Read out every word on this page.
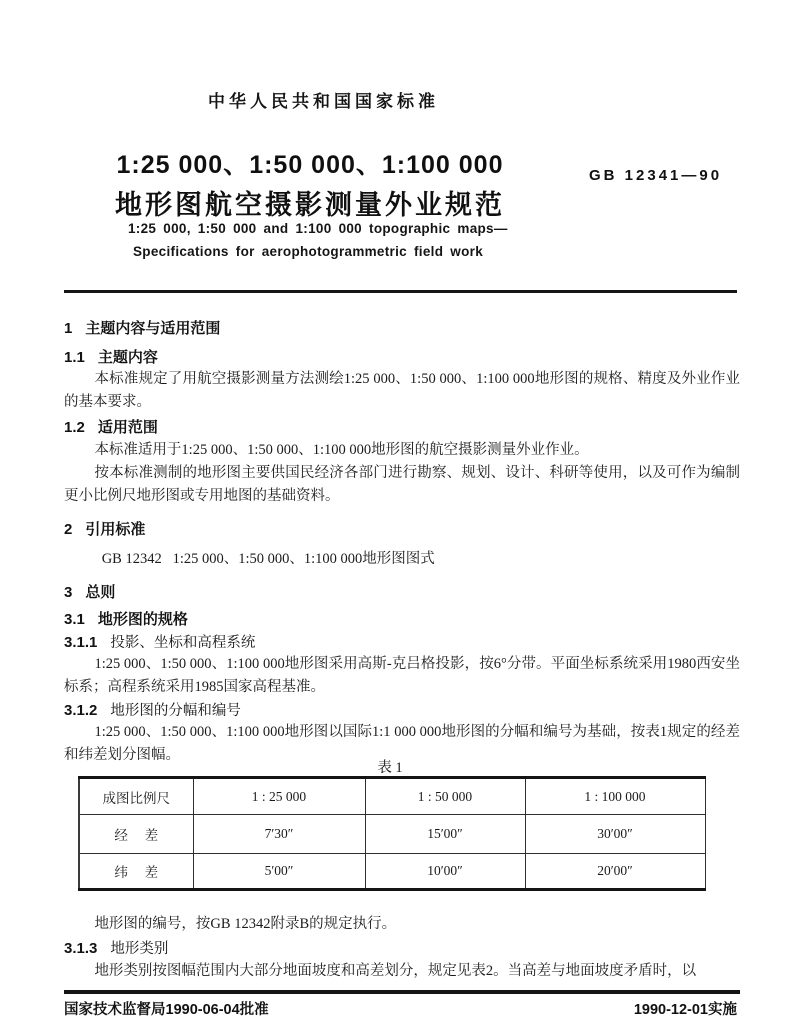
中华人民共和国国家标准
1:25 000、1:50 000、1:100 000
地形图航空摄影测量外业规范
GB 12341—90
1:25 000, 1:50 000 and 1:100 000 topographic maps—
Specifications for aerophotogrammetric field work
1 主题内容与适用范围
1.1 主题内容
本标准规定了用航空摄影测量方法测绘1:25 000、1:50 000、1:100 000地形图的规格、精度及外业作业的基本要求。
1.2 适用范围
本标准适用于1:25 000、1:50 000、1:100 000地形图的航空摄影测量外业作业。
按本标准测制的地形图主要供国民经济各部门进行勘察、规划、设计、科研等使用，以及可作为编制更小比例尺地形图或专用地图的基础资料。
2 引用标准
GB 12342   1:25 000、1:50 000、1:100 000地形图图式
3 总则
3.1 地形图的规格
3.1.1 投影、坐标和高程系统
1:25 000、1:50 000、1:100 000地形图采用高斯-克吕格投影，按6°分带。平面坐标系统采用1980西安坐标系；高程系统采用1985国家高程基准。
3.1.2 地形图的分幅和编号
1:25 000、1:50 000、1:100 000地形图以国际1:1 000 000地形图的分幅和编号为基础，按表1规定的经差和纬差划分图幅。
表 1
成图比例尺	1 : 25 000	1 : 50 000	1 : 100 000
经     差	7′30″	15′00″	30′00″
纬     差	5′00″	10′00″	20′00″
地形图的编号，按GB 12342附录B的规定执行。
3.1.3 地形类别
地形类别按图幅范围内大部分地面坡度和高差划分，规定见表2。当高差与地面坡度矛盾时，以
国家技术监督局1990-06-04批准	1990-12-01实施
